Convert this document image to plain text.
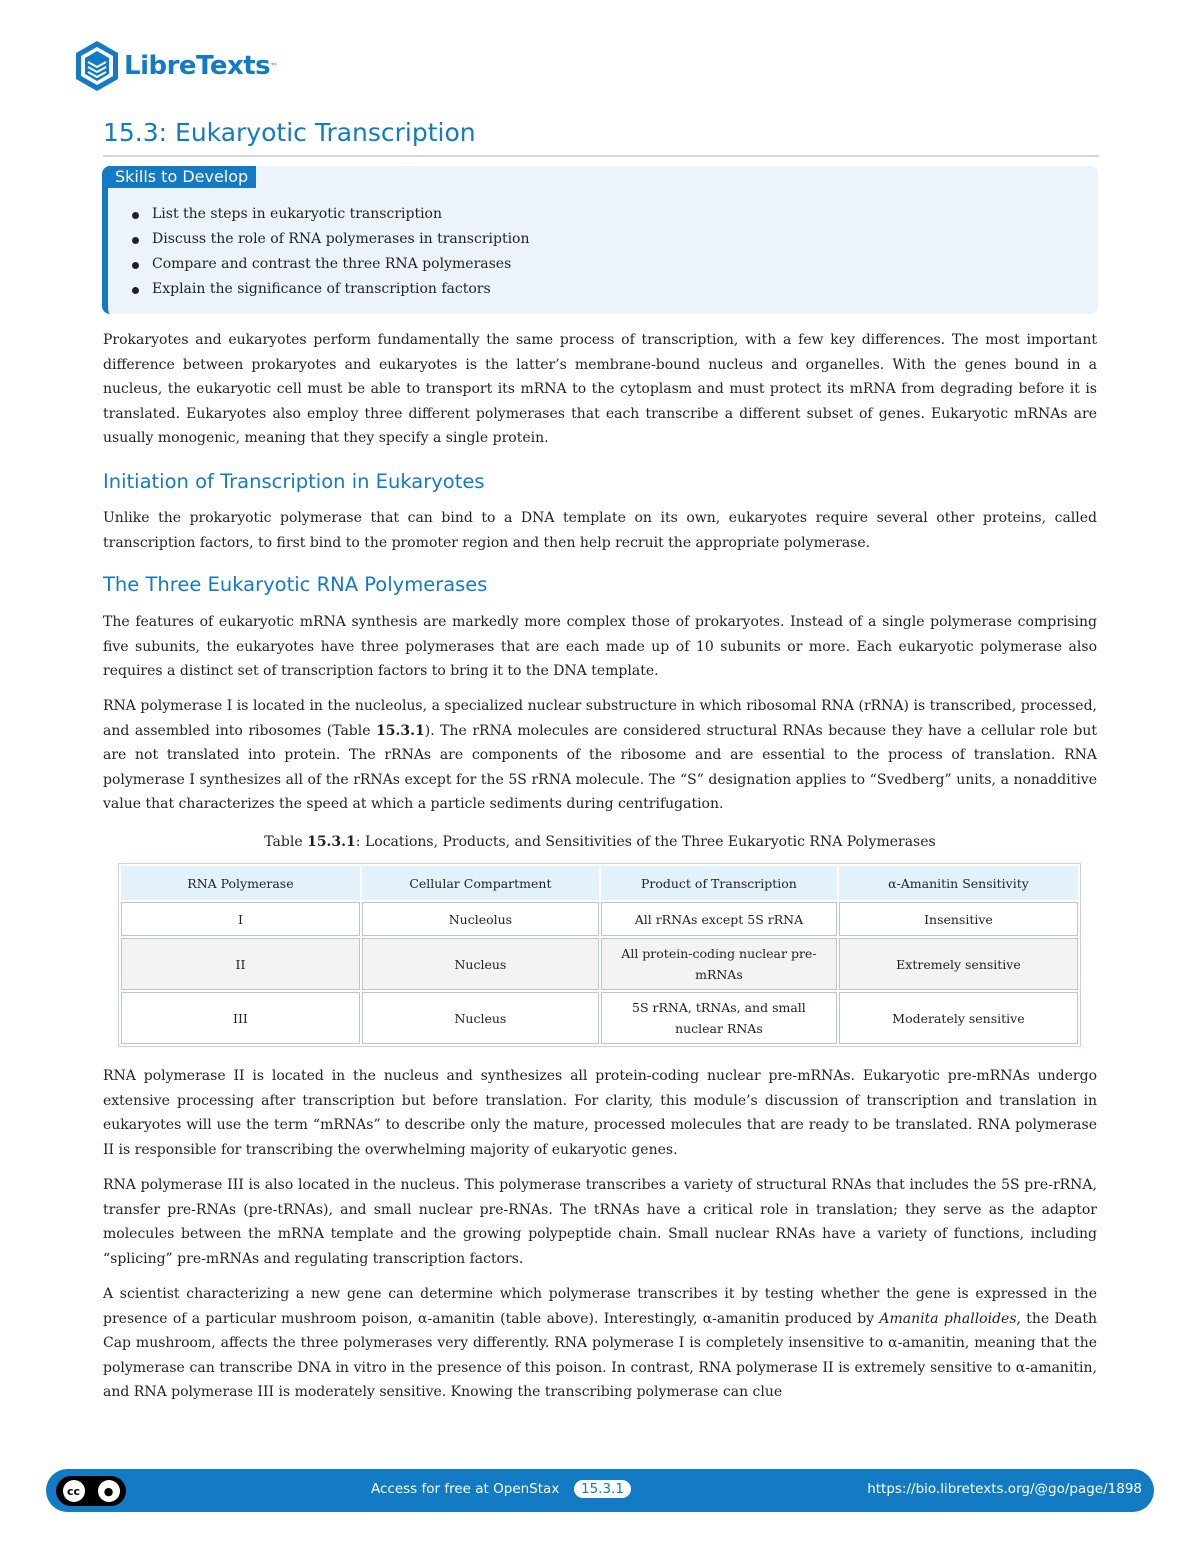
LibreTexts ™
15.3: Eukaryotic Transcription
Skills to Develop
List the steps in eukaryotic transcription
Discuss the role of RNA polymerases in transcription
Compare and contrast the three RNA polymerases
Explain the significance of transcription factors

Prokaryotes and eukaryotes perform fundamentally the same process of transcription, with a few key differences. The most important difference between prokaryotes and eukaryotes is the latter’s membrane-bound nucleus and organelles. With the genes bound in a nucleus, the eukaryotic cell must be able to transport its mRNA to the cytoplasm and must protect its mRNA from degrading before it is translated. Eukaryotes also employ three different polymerases that each transcribe a different subset of genes. Eukaryotic mRNAs are usually monogenic, meaning that they specify a single protein.

Initiation of Transcription in Eukaryotes

Unlike the prokaryotic polymerase that can bind to a DNA template on its own, eukaryotes require several other proteins, called transcription factors, to first bind to the promoter region and then help recruit the appropriate polymerase.

The Three Eukaryotic RNA Polymerases

The features of eukaryotic mRNA synthesis are markedly more complex those of prokaryotes. Instead of a single polymerase comprising five subunits, the eukaryotes have three polymerases that are each made up of 10 subunits or more. Each eukaryotic polymerase also requires a distinct set of transcription factors to bring it to the DNA template.

RNA polymerase I is located in the nucleolus, a specialized nuclear substructure in which ribosomal RNA (rRNA) is transcribed, processed, and assembled into ribosomes (Table 15.3.1). The rRNA molecules are considered structural RNAs because they have a cellular role but are not translated into protein. The rRNAs are components of the ribosome and are essential to the process of translation. RNA polymerase I synthesizes all of the rRNAs except for the 5S rRNA molecule. The “S” designation applies to “Svedberg” units, a nonadditive value that characterizes the speed at which a particle sediments during centrifugation.

Table 15.3.1: Locations, Products, and Sensitivities of the Three Eukaryotic RNA Polymerases
RNA Polymerase	Cellular Compartment	Product of Transcription	α-Amanitin Sensitivity
I	Nucleolus	All rRNAs except 5S rRNA	Insensitive
II	Nucleus	All protein-coding nuclear pre-mRNAs	Extremely sensitive
III	Nucleus	5S rRNA, tRNAs, and small nuclear RNAs	Moderately sensitive

RNA polymerase II is located in the nucleus and synthesizes all protein-coding nuclear pre-mRNAs. Eukaryotic pre-mRNAs undergo extensive processing after transcription but before translation. For clarity, this module’s discussion of transcription and translation in eukaryotes will use the term “mRNAs” to describe only the mature, processed molecules that are ready to be translated. RNA polymerase II is responsible for transcribing the overwhelming majority of eukaryotic genes.

RNA polymerase III is also located in the nucleus. This polymerase transcribes a variety of structural RNAs that includes the 5S pre-rRNA, transfer pre-RNAs (pre-tRNAs), and small nuclear pre-RNAs. The tRNAs have a critical role in translation; they serve as the adaptor molecules between the mRNA template and the growing polypeptide chain. Small nuclear RNAs have a variety of functions, including “splicing” pre-mRNAs and regulating transcription factors.

A scientist characterizing a new gene can determine which polymerase transcribes it by testing whether the gene is expressed in the presence of a particular mushroom poison, α-amanitin (table above). Interestingly, α-amanitin produced by Amanita phalloides, the Death Cap mushroom, affects the three polymerases very differently. RNA polymerase I is completely insensitive to α-amanitin, meaning that the polymerase can transcribe DNA in vitro in the presence of this poison. In contrast, RNA polymerase II is extremely sensitive to α-amanitin, and RNA polymerase III is moderately sensitive. Knowing the transcribing polymerase can clue

cc	●	Access for free at OpenStax	15.3.1	https://bio.libretexts.org/@go/page/1898
